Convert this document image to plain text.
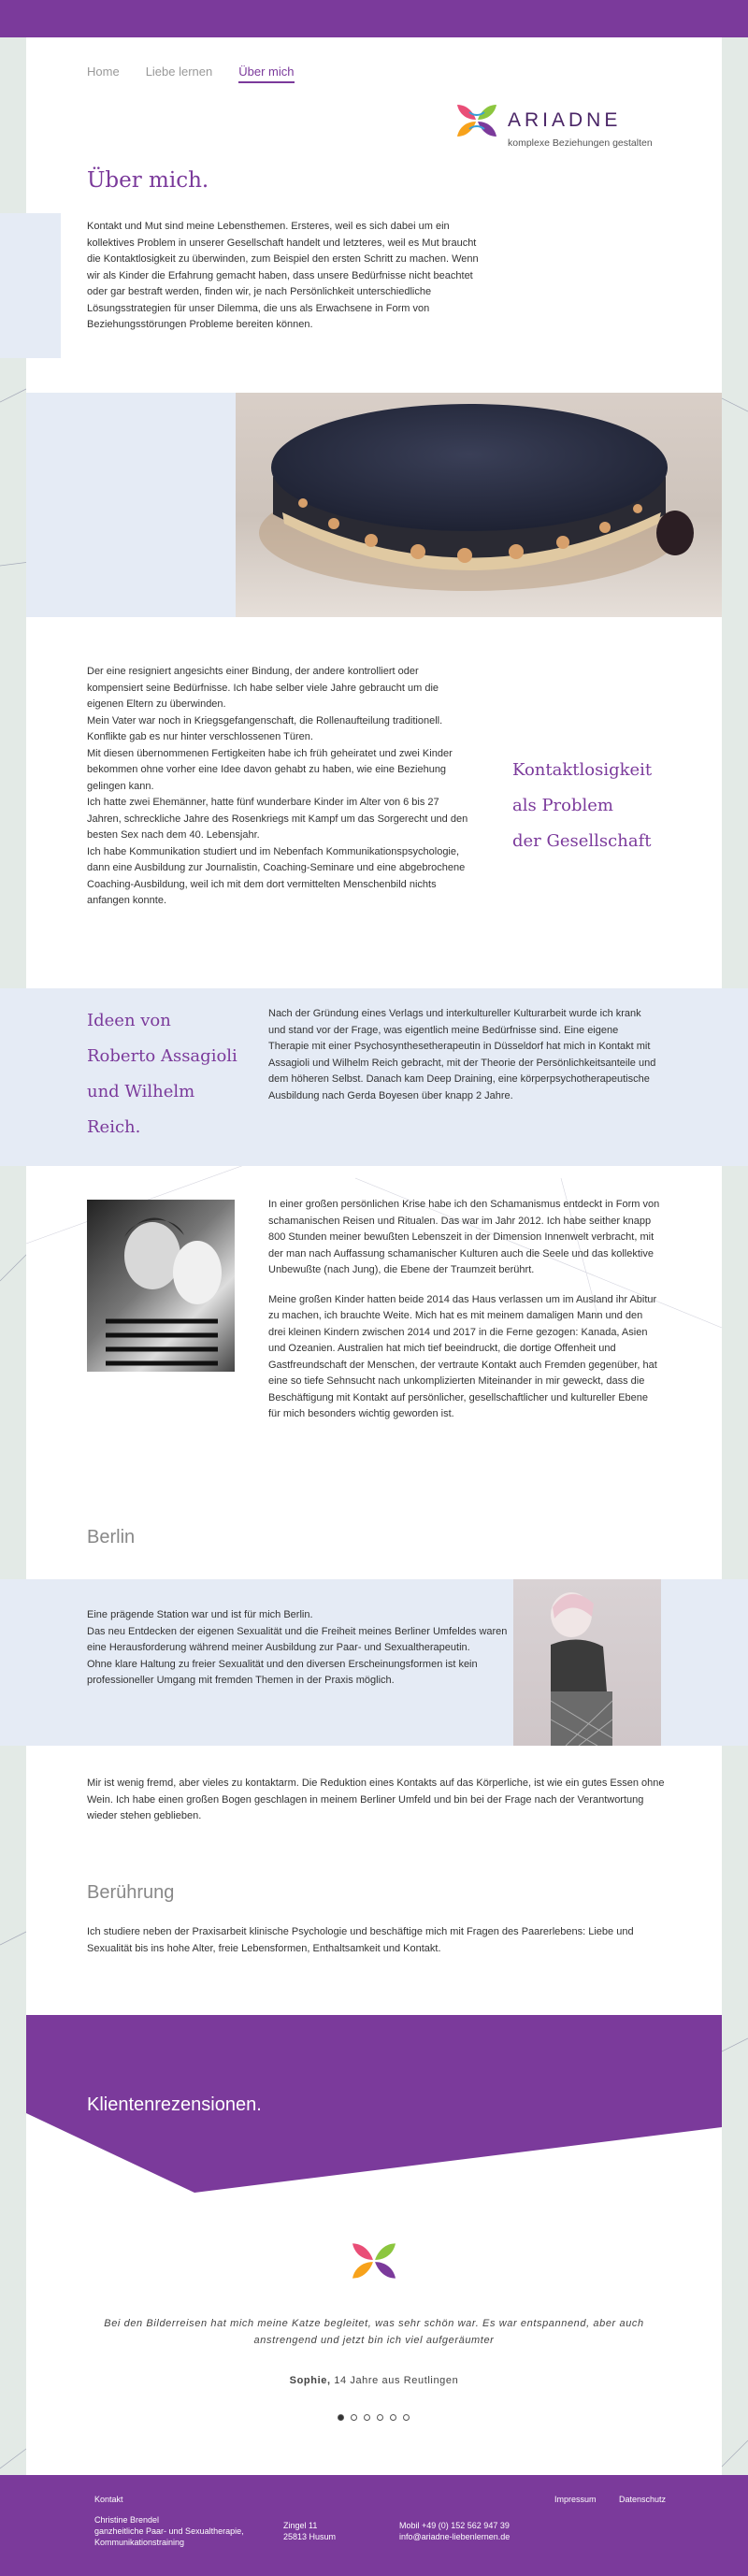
Home Liebe lernen Über mich
ARIADNE
komplexe Beziehungen gestalten
Über mich.

Kontakt und Mut sind meine Lebensthemen. Ersteres, weil es sich dabei um ein kollektives Problem in unserer Gesellschaft handelt und letzteres, weil es Mut braucht die Kontaktlosigkeit zu überwinden, zum Beispiel den ersten Schritt zu machen. Wenn wir als Kinder die Erfahrung gemacht haben, dass unsere Bedürfnisse nicht beachtet oder gar bestraft werden, finden wir, je nach Persönlichkeit unterschiedliche Lösungsstrategien für unser Dilemma, die uns als Erwachsene in Form von Beziehungsstörungen Probleme bereiten können.

Der eine resigniert angesichts einer Bindung, der andere kontrolliert oder kompensiert seine Bedürfnisse. Ich habe selber viele Jahre gebraucht um die eigenen Eltern zu überwinden.

Mein Vater war noch in Kriegsgefangenschaft, die Rollenaufteilung traditionell. Konflikte gab es nur hinter verschlossenen Türen.

Mit diesen übernommenen Fertigkeiten habe ich früh geheiratet und zwei Kinder bekommen ohne vorher eine Idee davon gehabt zu haben, wie eine Beziehung gelingen kann.

Ich hatte zwei Ehemänner, hatte fünf wunderbare Kinder im Alter von 6 bis 27 Jahren, schreckliche Jahre des Rosenkriegs mit Kampf um das Sorgerecht und den besten Sex nach dem 40. Lebensjahr.

Ich habe Kommunikation studiert und im Nebenfach Kommunikationspsychologie, dann eine Ausbildung zur Journalistin, Coaching-Seminare und eine abgebrochene Coaching-Ausbildung, weil ich mit dem dort vermittelten Menschenbild nichts anfangen konnte.

Kontaktlosigkeit
als Problem
der Gesellschaft
Ideen von
Roberto Assagioli
und Wilhelm
Reich.

Nach der Gründung eines Verlags und interkultureller Kulturarbeit wurde ich krank und stand vor der Frage, was eigentlich meine Bedürfnisse sind. Eine eigene Therapie mit einer Psychosynthesetherapeutin in Düsseldorf hat mich in Kontakt mit Assagioli und Wilhelm Reich gebracht, mit der Theorie der Persönlichkeitsanteile und dem höheren Selbst. Danach kam Deep Draining, eine körperpsychotherapeutische Ausbildung nach Gerda Boyesen über knapp 2 Jahre.

In einer großen persönlichen Krise habe ich den Schamanismus entdeckt in Form von schamanischen Reisen und Ritualen. Das war im Jahr 2012. Ich habe seither knapp 800 Stunden meiner bewußten Lebenszeit in der Dimension Innenwelt verbracht, mit der man nach Auffassung schamanischer Kulturen auch die Seele und das kollektive Unbewußte (nach Jung), die Ebene der Traumzeit berührt.

Meine großen Kinder hatten beide 2014 das Haus verlassen um im Ausland ihr Abitur zu machen, ich brauchte Weite. Mich hat es mit meinem damaligen Mann und den drei kleinen Kindern zwischen 2014 und 2017 in die Ferne gezogen: Kanada, Asien und Ozeanien. Australien hat mich tief beeindruckt, die dortige Offenheit und Gastfreundschaft der Menschen, der vertraute Kontakt auch Fremden gegenüber, hat eine so tiefe Sehnsucht nach unkomplizierten Miteinander in mir geweckt, dass die Beschäftigung mit Kontakt auf persönlicher, gesellschaftlicher und kultureller Ebene für mich besonders wichtig geworden ist.

Berlin

Eine prägende Station war und ist für mich Berlin.

Das neu Entdecken der eigenen Sexualität und die Freiheit meines Berliner Umfeldes waren eine Herausforderung während meiner Ausbildung zur Paar- und Sexualtherapeutin.

Ohne klare Haltung zu freier Sexualität und den diversen Erscheinungsformen ist kein professioneller Umgang mit fremden Themen in der Praxis möglich.

Mir ist wenig fremd, aber vieles zu kontaktarm. Die Reduktion eines Kontakts auf das Körperliche, ist wie ein gutes Essen ohne Wein. Ich habe einen großen Bogen geschlagen in meinem Berliner Umfeld und bin bei der Frage nach der Verantwortung wieder stehen geblieben.

Berührung

Ich studiere neben der Praxisarbeit klinische Psychologie und beschäftige mich mit Fragen des Paarerlebens: Liebe und Sexualität bis ins hohe Alter, freie Lebensformen, Enthaltsamkeit und Kontakt.

Klientenrezensionen.

Bei den Bilderreisen hat mich meine Katze begleitet, was sehr schön war. Es war entspannend, aber auch anstrengend und jetzt bin ich viel aufgeräumter

Sophie, 14 Jahre aus Reutlingen
Kontakt
Christine Brendel
ganzheitliche Paar- und Sexualtherapie,
Kommunikationstraining
Zingel 11
25813 Husum
Mobil +49 (0) 152 562 947 39
info@ariadne-liebenlernen.de
Impressum	Datenschutz
